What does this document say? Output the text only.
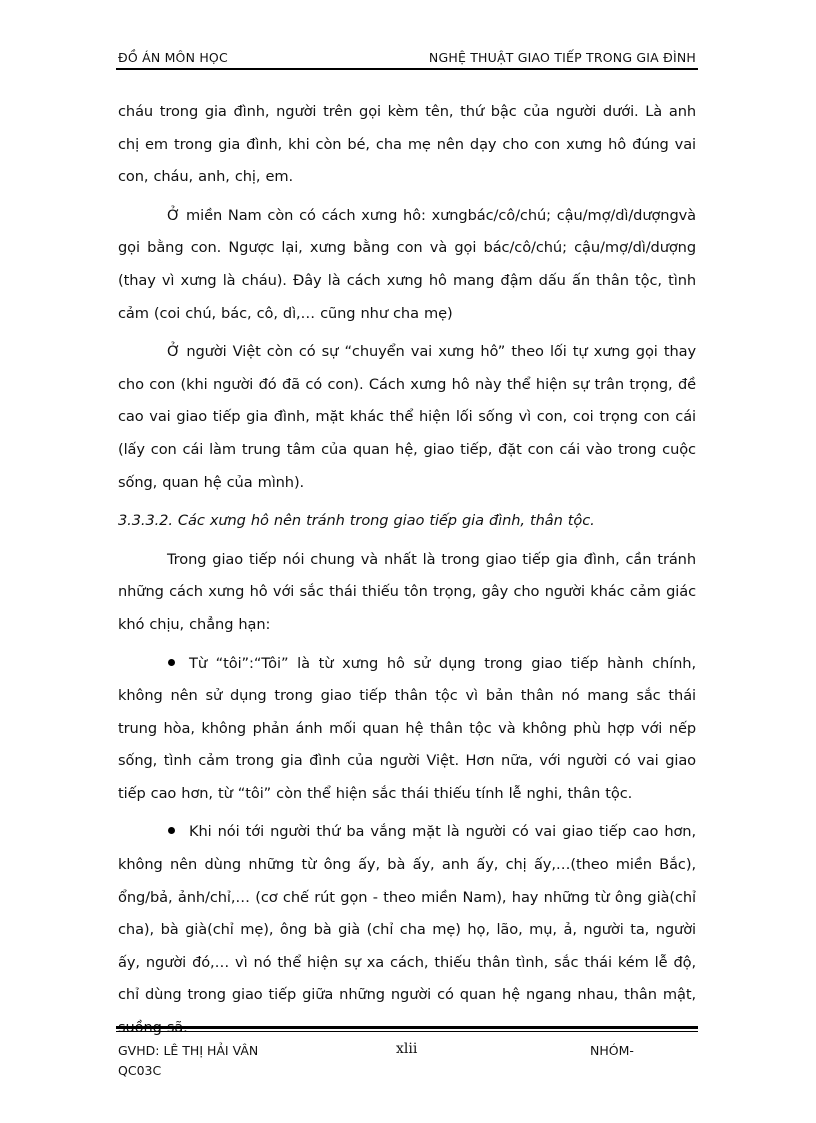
ĐỒ ÁN MÔN HỌC	NGHỆ THUẬT GIAO TIẾP TRONG GIA ĐÌNH

cháu trong gia đình, người trên gọi kèm tên, thứ bậc của người dưới. Là anh chị em trong gia đình, khi còn bé, cha mẹ nên dạy cho con xưng hô đúng vai con, cháu, anh, chị, em.

Ở miền Nam còn có cách xưng hô: xưngbác/cô/chú; cậu/mợ/dì/dượngvà gọi bằng con. Ngược lại, xưng bằng con và gọi bác/cô/chú; cậu/mợ/dì/dượng (thay vì xưng là cháu). Đây là cách xưng hô mang đậm dấu ấn thân tộc, tình cảm (coi chú, bác, cô, dì,… cũng như cha mẹ)

Ở người Việt còn có sự “chuyển vai xưng hô” theo lối tự xưng gọi thay cho con (khi người đó đã có con). Cách xưng hô này thể hiện sự trân trọng, đề cao vai giao tiếp gia đình, mặt khác thể hiện lối sống vì con, coi trọng con cái (lấy con cái làm trung tâm của quan hệ, giao tiếp, đặt con cái vào trong cuộc sống, quan hệ của mình).

3.3.3.2. Các xưng hô nên tránh trong giao tiếp gia đình, thân tộc.

Trong giao tiếp nói chung và nhất là trong giao tiếp gia đình, cần tránh những cách xưng hô với sắc thái thiếu tôn trọng, gây cho người khác cảm giác khó chịu, chẳng hạn:

Từ “tôi”:“Tôi” là từ xưng hô sử dụng trong giao tiếp hành chính, không nên sử dụng trong giao tiếp thân tộc vì bản thân nó mang sắc thái trung hòa, không phản ánh mối quan hệ thân tộc và không phù hợp với nếp sống, tình cảm trong gia đình của người Việt. Hơn nữa, với người có vai giao tiếp cao hơn, từ “tôi” còn thể hiện sắc thái thiếu tính lễ nghi, thân tộc.

Khi nói tới người thứ ba vắng mặt là người có vai giao tiếp cao hơn, không nên dùng những từ ông ấy, bà ấy, anh ấy, chị ấy,…(theo miền Bắc), ổng/bả, ảnh/chỉ,… (cơ chế rút gọn - theo miền Nam), hay những từ ông già(chỉ cha), bà già(chỉ mẹ), ông bà già (chỉ cha mẹ) họ, lão, mụ, ả, người ta, người ấy, người đó,… vì nó thể hiện sự xa cách, thiếu thân tình, sắc thái kém lễ độ, chỉ dùng trong giao tiếp giữa những người có quan hệ ngang nhau, thân mật, suồng sã.

GVHD: LÊ THỊ HẢI VÂN	xlii	NHÓM-
QC03C
